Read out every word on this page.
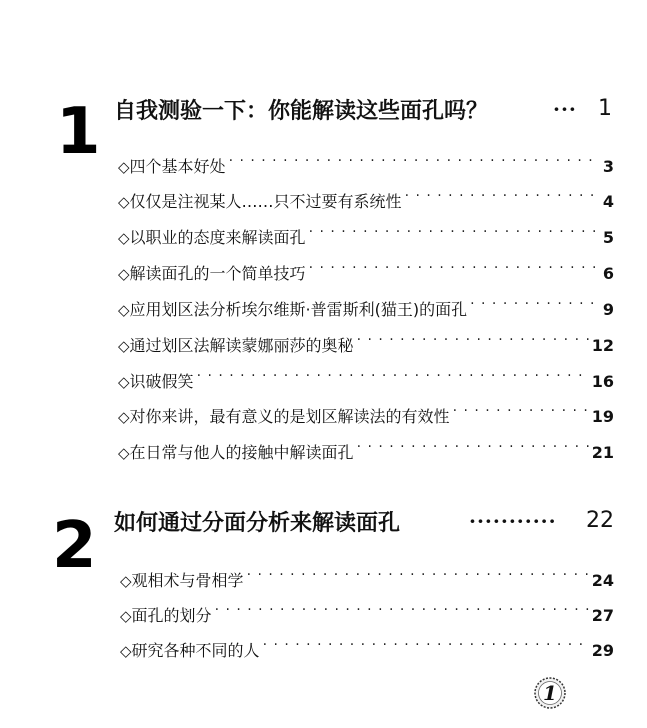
1 自我测验一下：你能解读这些面孔吗？	··· 1
◇ 四个基本好处 · · ·	3
◇ 仅仅是注视某人……只不过要有系统性 · · ·	4
◇ 以职业的态度来解读面孔 · · ·	5
◇ 解读面孔的一个简单技巧 · · ·	6
◇ 应用划区法分析埃尔维斯·普雷斯利(猫王)的面孔 · · ·	9
◇ 通过划区法解读蒙娜丽莎的奥秘 · · ·	12
◇ 识破假笑 · · ·	16
◇ 对你来讲，最有意义的是划区解读法的有效性 · · ·	19
◇ 在日常与他人的接触中解读面孔 · · ·	21
2 如何通过分面分析来解读面孔	···········	22
◇ 观相术与骨相学 · · ·	24
◇ 面孔的划分 · · ·	27
◇ 研究各种不同的人 · · ·	29
1
